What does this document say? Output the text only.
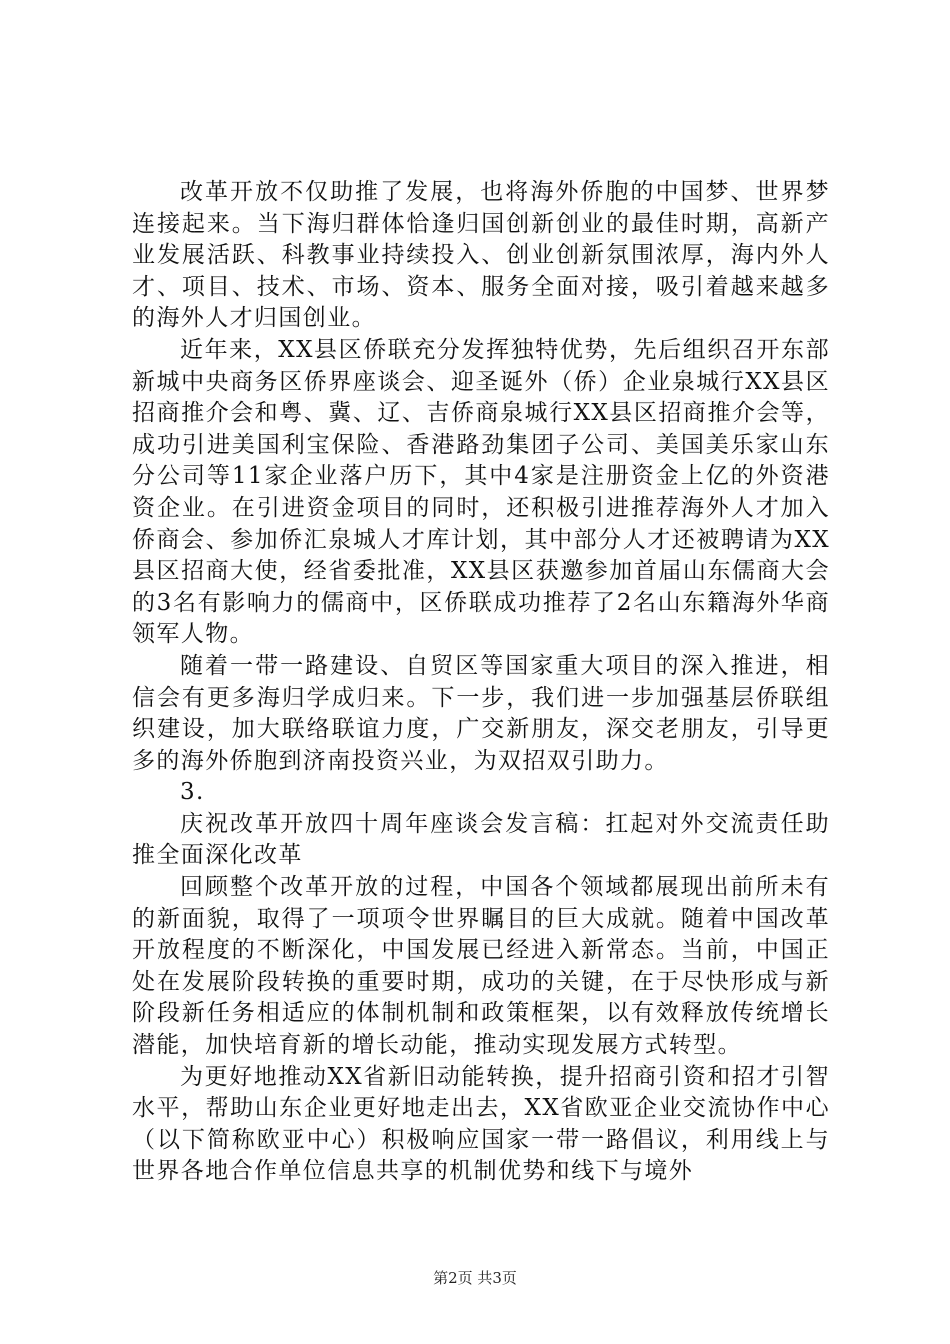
改革开放不仅助推了发展，也将海外侨胞的中国梦、世界梦连接起来。当下海归群体恰逢归国创新创业的最佳时期，高新产业发展活跃、科教事业持续投入、创业创新氛围浓厚，海内外人才、项目、技术、市场、资本、服务全面对接，吸引着越来越多的海外人才归国创业。

近年来，XX县区侨联充分发挥独特优势，先后组织召开东部新城中央商务区侨界座谈会、迎圣诞外（侨）企业泉城行XX县区招商推介会和粤、冀、辽、吉侨商泉城行XX县区招商推介会等，成功引进美国利宝保险、香港路劲集团子公司、美国美乐家山东分公司等11家企业落户历下，其中4家是注册资金上亿的外资港资企业。在引进资金项目的同时，还积极引进推荐海外人才加入侨商会、参加侨汇泉城人才库计划，其中部分人才还被聘请为XX县区招商大使，经省委批准，XX县区获邀参加首届山东儒商大会的3名有影响力的儒商中，区侨联成功推荐了2名山东籍海外华商领军人物。

随着一带一路建设、自贸区等国家重大项目的深入推进，相信会有更多海归学成归来。下一步，我们进一步加强基层侨联组织建设，加大联络联谊力度，广交新朋友，深交老朋友，引导更多的海外侨胞到济南投资兴业，为双招双引助力。

3.

庆祝改革开放四十周年座谈会发言稿：扛起对外交流责任助推全面深化改革

回顾整个改革开放的过程，中国各个领域都展现出前所未有的新面貌，取得了一项项令世界瞩目的巨大成就。随着中国改革开放程度的不断深化，中国发展已经进入新常态。当前，中国正处在发展阶段转换的重要时期，成功的关键，在于尽快形成与新阶段新任务相适应的体制机制和政策框架，以有效释放传统增长潜能，加快培育新的增长动能，推动实现发展方式转型。

为更好地推动XX省新旧动能转换，提升招商引资和招才引智水平，帮助山东企业更好地走出去，XX省欧亚企业交流协作中心（以下简称欧亚中心）积极响应国家一带一路倡议，利用线上与世界各地合作单位信息共享的机制优势和线下与境外

第2页 共3页
